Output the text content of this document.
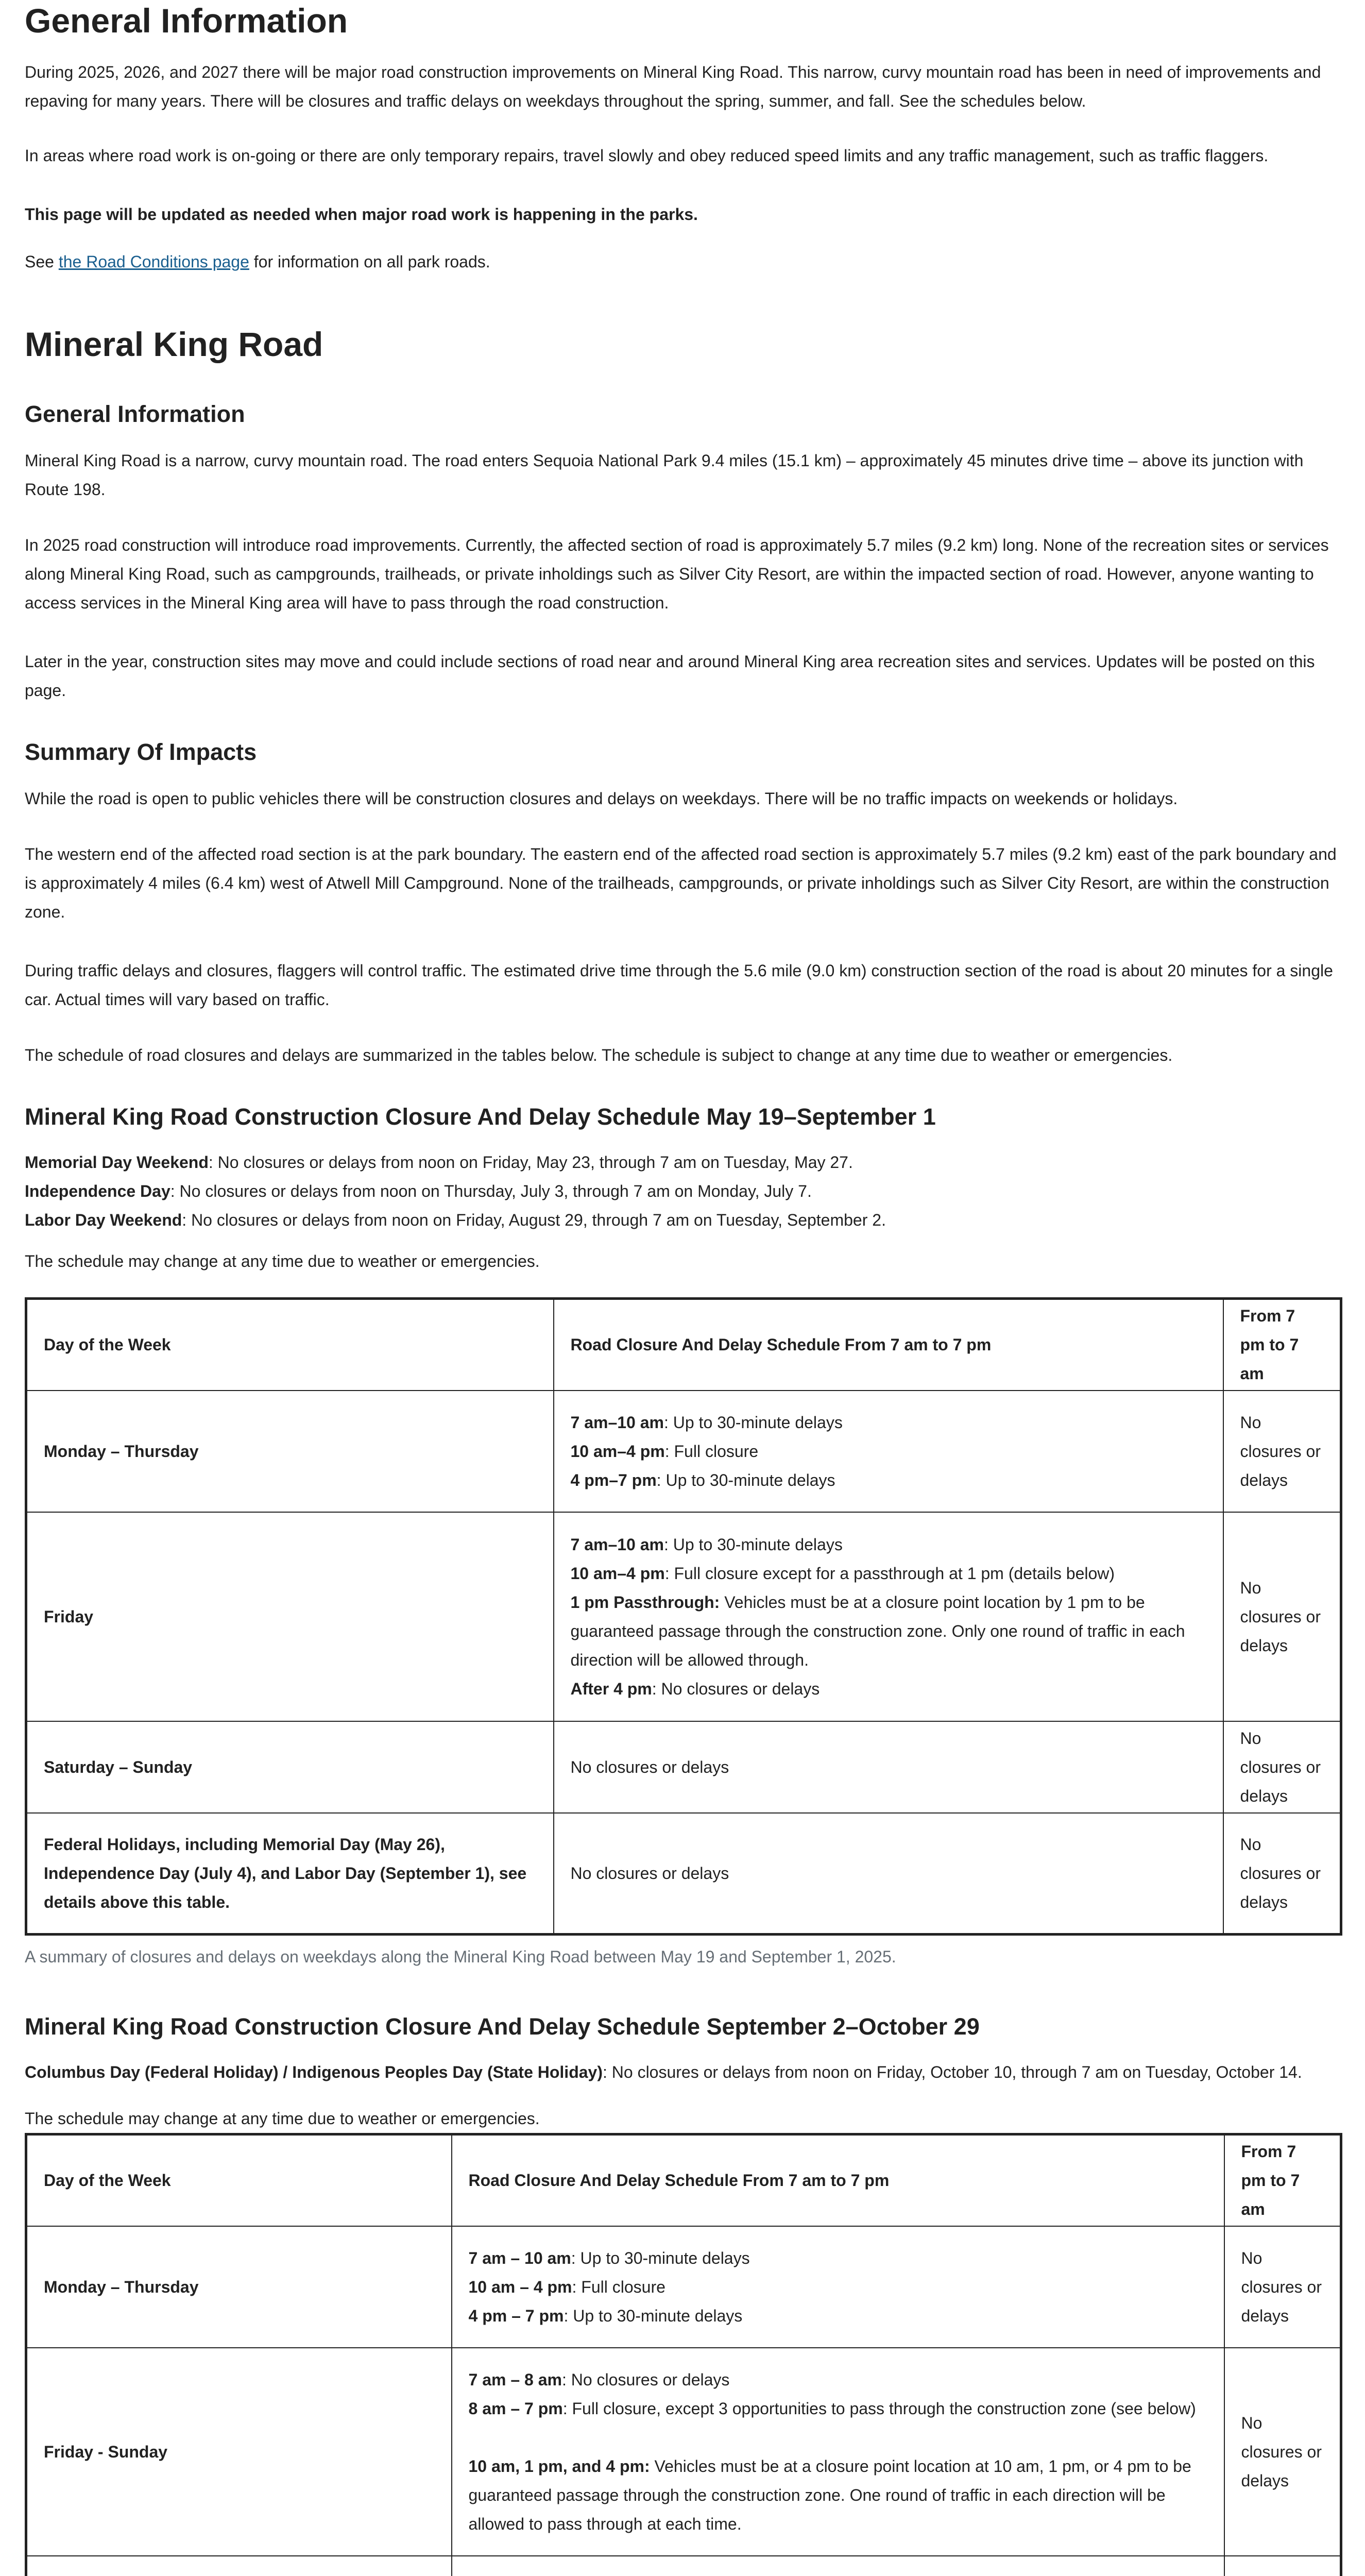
General Information

During 2025, 2026, and 2027 there will be major road construction improvements on Mineral King Road. This narrow, curvy mountain road has been in need of improvements and repaving for many years. There will be closures and traffic delays on weekdays throughout the spring, summer, and fall. See the schedules below.

In areas where road work is on-going or there are only temporary repairs, travel slowly and obey reduced speed limits and any traffic management, such as traffic flaggers.

This page will be updated as needed when major road work is happening in the parks.

See the Road Conditions page for information on all park roads.

Mineral King Road
General Information

Mineral King Road is a narrow, curvy mountain road. The road enters Sequoia National Park 9.4 miles (15.1 km) – approximately 45 minutes drive time – above its junction with Route 198.

In 2025 road construction will introduce road improvements. Currently, the affected section of road is approximately 5.7 miles (9.2 km) long. None of the recreation sites or services along Mineral King Road, such as campgrounds, trailheads, or private inholdings such as Silver City Resort, are within the impacted section of road. However, anyone wanting to access services in the Mineral King area will have to pass through the road construction.

Later in the year, construction sites may move and could include sections of road near and around Mineral King area recreation sites and services. Updates will be posted on this page.

Summary Of Impacts

While the road is open to public vehicles there will be construction closures and delays on weekdays. There will be no traffic impacts on weekends or holidays.

The western end of the affected road section is at the park boundary. The eastern end of the affected road section is approximately 5.7 miles (9.2 km) east of the park boundary and is approximately 4 miles (6.4 km) west of Atwell Mill Campground. None of the trailheads, campgrounds, or private inholdings such as Silver City Resort, are within the construction zone.

During traffic delays and closures, flaggers will control traffic. The estimated drive time through the 5.6 mile (9.0 km) construction section of the road is about 20 minutes for a single car. Actual times will vary based on traffic.

The schedule of road closures and delays are summarized in the tables below. The schedule is subject to change at any time due to weather or emergencies.

Mineral King Road Construction Closure And Delay Schedule May 19–September 1

Memorial Day Weekend: No closures or delays from noon on Friday, May 23, through 7 am on Tuesday, May 27.
Independence Day: No closures or delays from noon on Thursday, July 3, through 7 am on Monday, July 7.
Labor Day Weekend: No closures or delays from noon on Friday, August 29, through 7 am on Tuesday, September 2.

The schedule may change at any time due to weather or emergencies.

Day of the Week	Road Closure And Delay Schedule From 7 am to 7 pm	From 7 pm to 7 am
Monday – Thursday	7 am–10 am: Up to 30-minute delays
10 am–4 pm: Full closure
4 pm–7 pm: Up to 30-minute delays	No closures or delays
Friday	7 am–10 am: Up to 30-minute delays
10 am–4 pm: Full closure except for a passthrough at 1 pm (details below)
1 pm Passthrough: Vehicles must be at a closure point location by 1 pm to be guaranteed passage through the construction zone. Only one round of traffic in each direction will be allowed through.
After 4 pm: No closures or delays	No closures or delays
Saturday – Sunday	No closures or delays	No closures or delays
Federal Holidays, including Memorial Day (May 26), Independence Day (July 4), and Labor Day (September 1), see details above this table.	No closures or delays	No closures or delays

A summary of closures and delays on weekdays along the Mineral King Road between May 19 and September 1, 2025.

Mineral King Road Construction Closure And Delay Schedule September 2–October 29

Columbus Day (Federal Holiday) / Indigenous Peoples Day (State Holiday): No closures or delays from noon on Friday, October 10, through 7 am on Tuesday, October 14.

The schedule may change at any time due to weather or emergencies.

Day of the Week	Road Closure And Delay Schedule From 7 am to 7 pm	From 7 pm to 7 am
Monday – Thursday	7 am – 10 am: Up to 30-minute delays
10 am – 4 pm: Full closure
4 pm – 7 pm: Up to 30-minute delays	No closures or delays
Friday - Sunday	7 am – 8 am: No closures or delays
8 am – 7 pm: Full closure, except 3 opportunities to pass through the construction zone (see below)
10 am, 1 pm, and 4 pm: Vehicles must be at a closure point location at 10 am, 1 pm, or 4 pm to be guaranteed passage through the construction zone. One round of traffic in each direction will be allowed to pass through at each time.	No closures or delays
